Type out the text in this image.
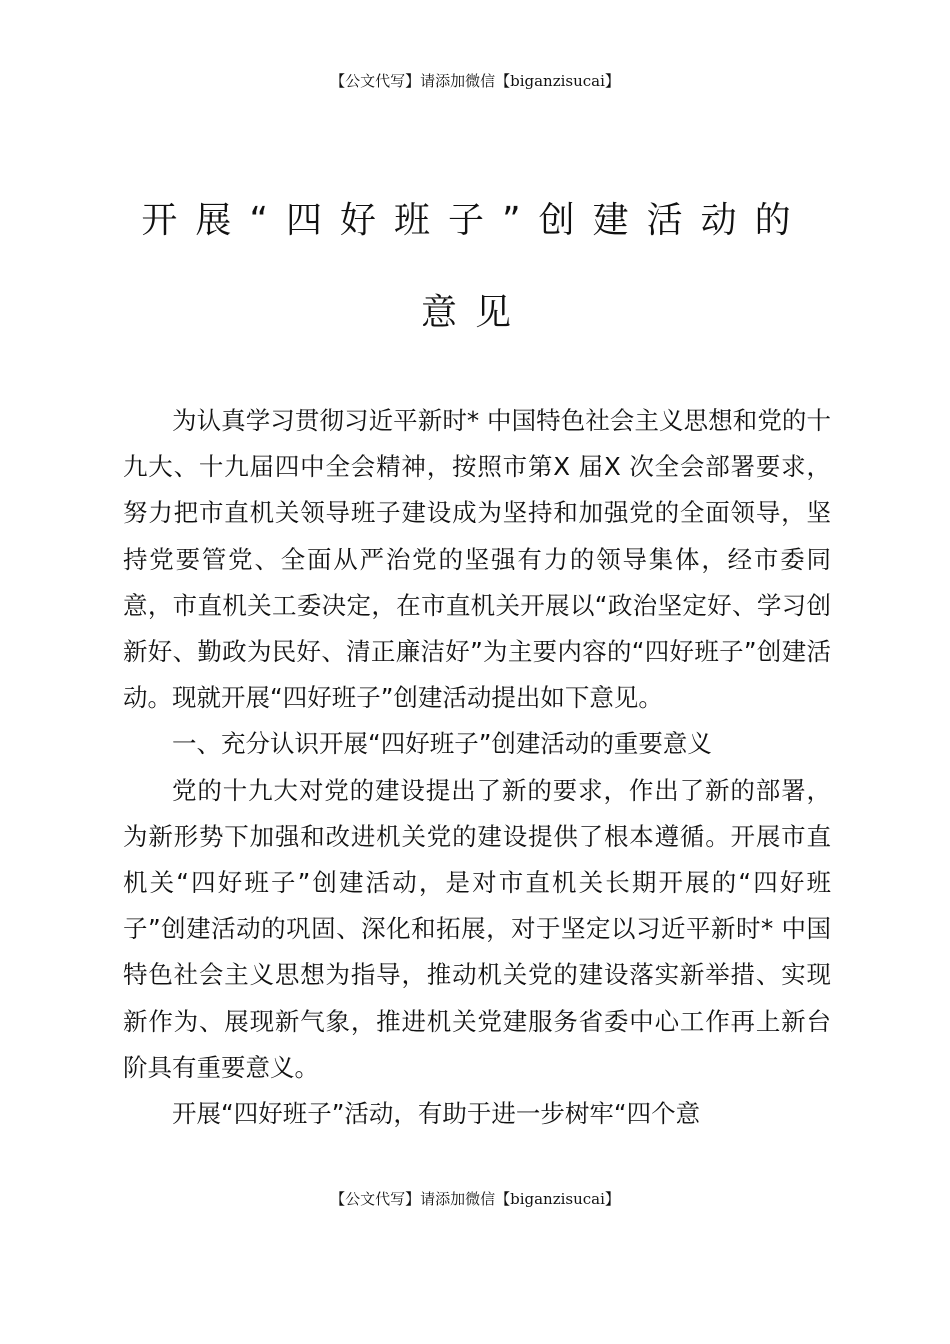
【公文代写】请添加微信【biganzisucai】
开展“四好班子”创建活动的
意见

为认真学习贯彻习近平新时* 中国特色社会主义思想和党的十九大、十九届四中全会精神，按照市第X 届X 次全会部署要求，努力把市直机关领导班子建设成为坚持和加强党的全面领导，坚持党要管党、全面从严治党的坚强有力的领导集体，经市委同意，市直机关工委决定，在市直机关开展以“政治坚定好、学习创新好、勤政为民好、清正廉洁好”为主要内容的“四好班子”创建活动。现就开展“四好班子”创建活动提出如下意见。

一、充分认识开展“四好班子”创建活动的重要意义

党的十九大对党的建设提出了新的要求，作出了新的部署，为新形势下加强和改进机关党的建设提供了根本遵循。开展市直机关“四好班子”创建活动，是对市直机关长期开展的“四好班子”创建活动的巩固、深化和拓展，对于坚定以习近平新时* 中国特色社会主义思想为指导，推动机关党的建设落实新举措、实现新作为、展现新气象，推进机关党建服务省委中心工作再上新台阶具有重要意义。

开展“四好班子”活动，有助于进一步树牢“四个意

【公文代写】请添加微信【biganzisucai】
